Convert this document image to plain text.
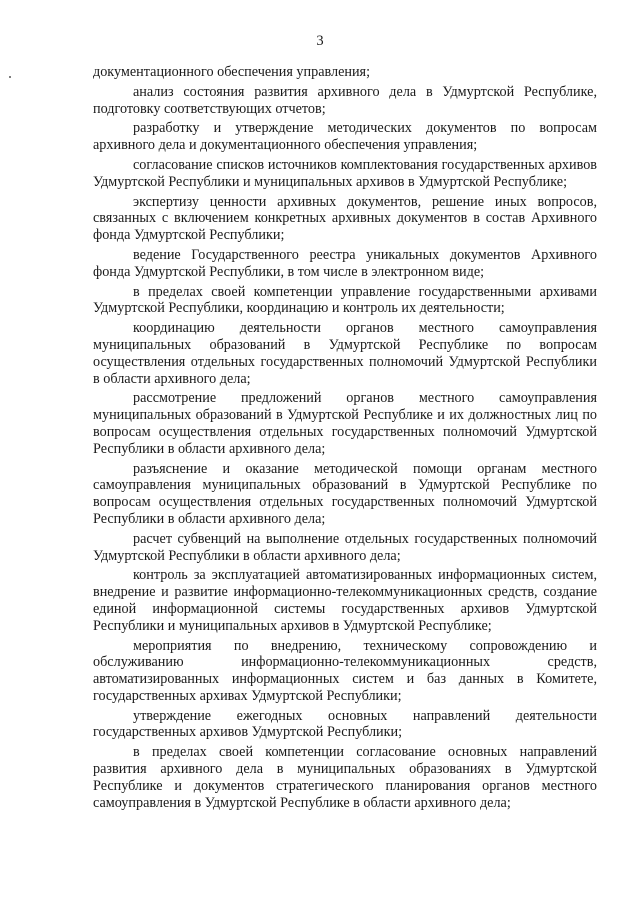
3

документационного обеспечения управления;

анализ состояния развития архивного дела в Удмуртской Республике, подготовку соответствующих отчетов;

разработку и утверждение методических документов по вопросам архивного дела и документационного обеспечения управления;

согласование списков источников комплектования государственных архивов Удмуртской Республики и муниципальных архивов в Удмуртской Республике;

экспертизу ценности архивных документов, решение иных вопросов, связанных с включением конкретных архивных документов в состав Архивного фонда Удмуртской Республики;

ведение Государственного реестра уникальных документов Архивного фонда Удмуртской Республики, в том числе в электронном виде;

в пределах своей компетенции управление государственными архивами Удмуртской Республики, координацию и контроль их деятельности;

координацию деятельности органов местного самоуправления муниципальных образований в Удмуртской Республике по вопросам осуществления отдельных государственных полномочий Удмуртской Республики в области архивного дела;

рассмотрение предложений органов местного самоуправления муниципальных образований в Удмуртской Республике и их должностных лиц по вопросам осуществления отдельных государственных полномочий Удмуртской Республики в области архивного дела;

разъяснение и оказание методической помощи органам местного самоуправления муниципальных образований в Удмуртской Республике по вопросам осуществления отдельных государственных полномочий Удмуртской Республики в области архивного дела;

расчет субвенций на выполнение отдельных государственных полномочий Удмуртской Республики в области архивного дела;

контроль за эксплуатацией автоматизированных информационных систем, внедрение и развитие информационно-телекоммуникационных средств, создание единой информационной системы государственных архивов Удмуртской Республики и муниципальных архивов в Удмуртской Республике;

мероприятия по внедрению, техническому сопровождению и обслуживанию информационно-телекоммуникационных средств, автоматизированных информационных систем и баз данных в Комитете, государственных архивах Удмуртской Республики;

утверждение ежегодных основных направлений деятельности государственных архивов Удмуртской Республики;

в пределах своей компетенции согласование основных направлений развития архивного дела в муниципальных образованиях в Удмуртской Республике и документов стратегического планирования органов местного самоуправления в Удмуртской Республике в области архивного дела;
